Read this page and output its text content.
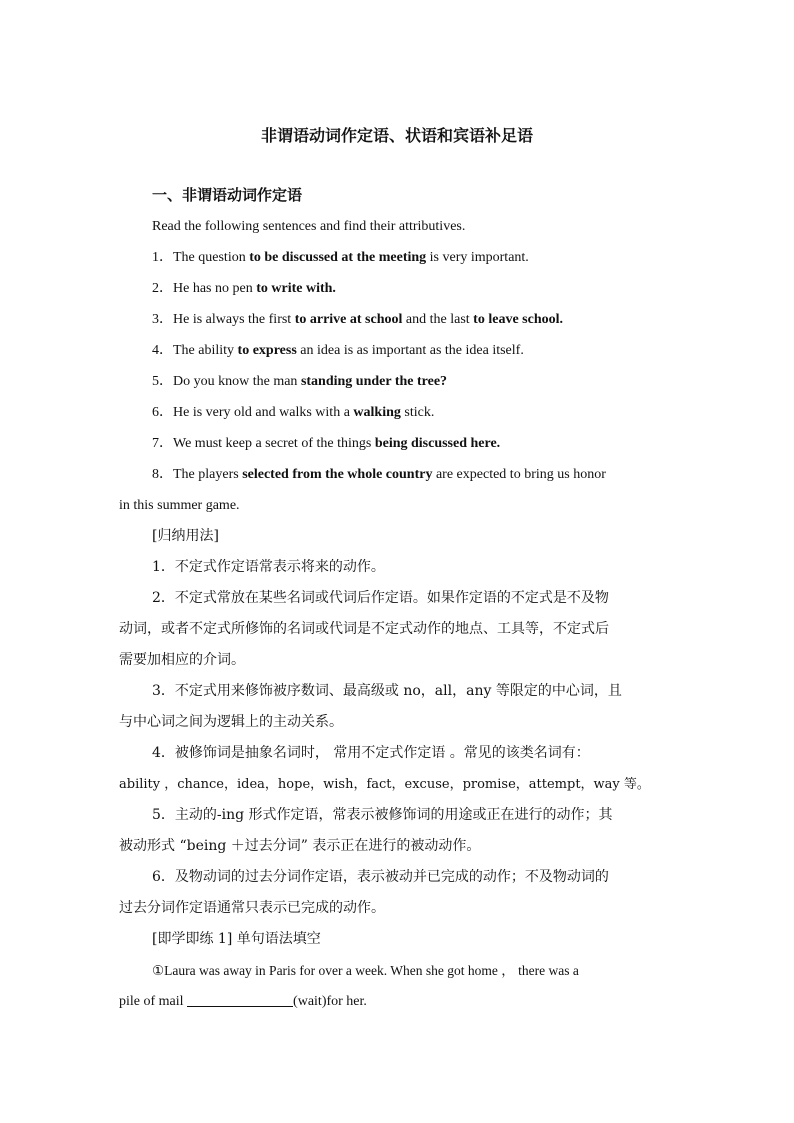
非谓语动词作定语、状语和宾语补足语
一、非谓语动词作定语
Read the following sentences and find their attributives.
1．The question to be discussed at the meeting is very important.
2．He has no pen to write with.
3．He is always the first to arrive at school and the last to leave school.
4．The ability to express an idea is as important as the idea itself.
5．Do you know the man standing under the tree?
6．He is very old and walks with a walking stick.
7．We must keep a secret of the things being discussed here.
8．The players selected from the whole country are expected to bring us honor
in this summer game.
[归纳用法]
1．不定式作定语常表示将来的动作。
2．不定式常放在某些名词或代词后作定语。如果作定语的不定式是不及物
动词，或者不定式所修饰的名词或代词是不定式动作的地点、工具等，不定式后
需要加相应的介词。
3．不定式用来修饰被序数词、最高级或 no，all，any 等限定的中心词，且
与中心词之间为逻辑上的主动关系。
4．被修饰词是抽象名词时， 常用不定式作定语 。常见的该类名词有：
ability ，chance，idea，hope，wish，fact，excuse，promise，attempt，way 等。
5．主动的-ing 形式作定语，常表示被修饰词的用途或正在进行的动作；其
被动形式 “being ＋过去分词” 表示正在进行的被动动作。
6．及物动词的过去分词作定语，表示被动并已完成的动作；不及物动词的
过去分词作定语通常只表示已完成的动作。
[即学即练 1] 单句语法填空
①Laura was away in Paris for over a week. When she got home ， there was a
pile of mail	(wait)for her.
